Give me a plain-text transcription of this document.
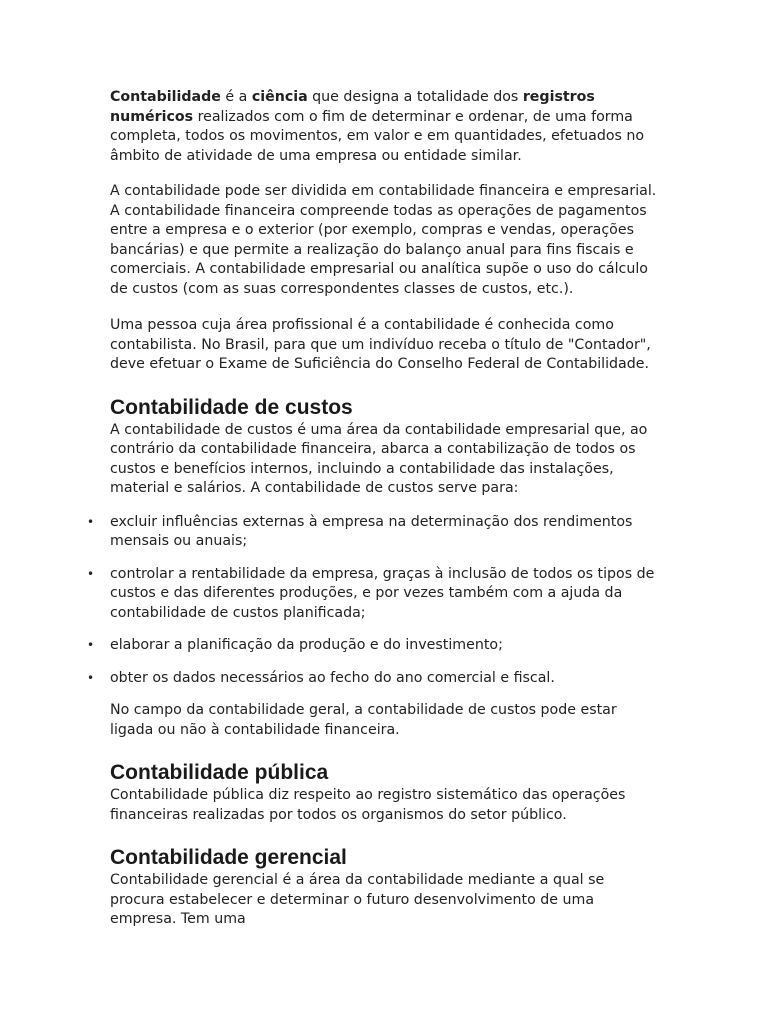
Contabilidade é a ciência que designa a totalidade dos registros numéricos realizados com o fim de determinar e ordenar, de uma forma completa, todos os movimentos, em valor e em quantidades, efetuados no âmbito de atividade de uma empresa ou entidade similar.

A contabilidade pode ser dividida em contabilidade financeira e empresarial. A contabilidade financeira compreende todas as operações de pagamentos entre a empresa e o exterior (por exemplo, compras e vendas, operações bancárias) e que permite a realização do balanço anual para fins fiscais e comerciais. A contabilidade empresarial ou analítica supõe o uso do cálculo de custos (com as suas correspondentes classes de custos, etc.).

Uma pessoa cuja área profissional é a contabilidade é conhecida como contabilista. No Brasil, para que um indivíduo receba o título de "Contador", deve efetuar o Exame de Suficiência do Conselho Federal de Contabilidade.

Contabilidade de custos

A contabilidade de custos é uma área da contabilidade empresarial que, ao contrário da contabilidade financeira, abarca a contabilização de todos os custos e benefícios internos, incluindo a contabilidade das instalações, material e salários. A contabilidade de custos serve para:

• excluir influências externas à empresa na determinação dos rendimentos mensais ou anuais;
• controlar a rentabilidade da empresa, graças à inclusão de todos os tipos de custos e das diferentes produções, e por vezes também com a ajuda da contabilidade de custos planificada;
• elaborar a planificação da produção e do investimento;
• obter os dados necessários ao fecho do ano comercial e fiscal.

No campo da contabilidade geral, a contabilidade de custos pode estar ligada ou não à contabilidade financeira.

Contabilidade pública

Contabilidade pública diz respeito ao registro sistemático das operações financeiras realizadas por todos os organismos do setor público.

Contabilidade gerencial

Contabilidade gerencial é a área da contabilidade mediante a qual se procura estabelecer e determinar o futuro desenvolvimento de uma empresa. Tem uma
